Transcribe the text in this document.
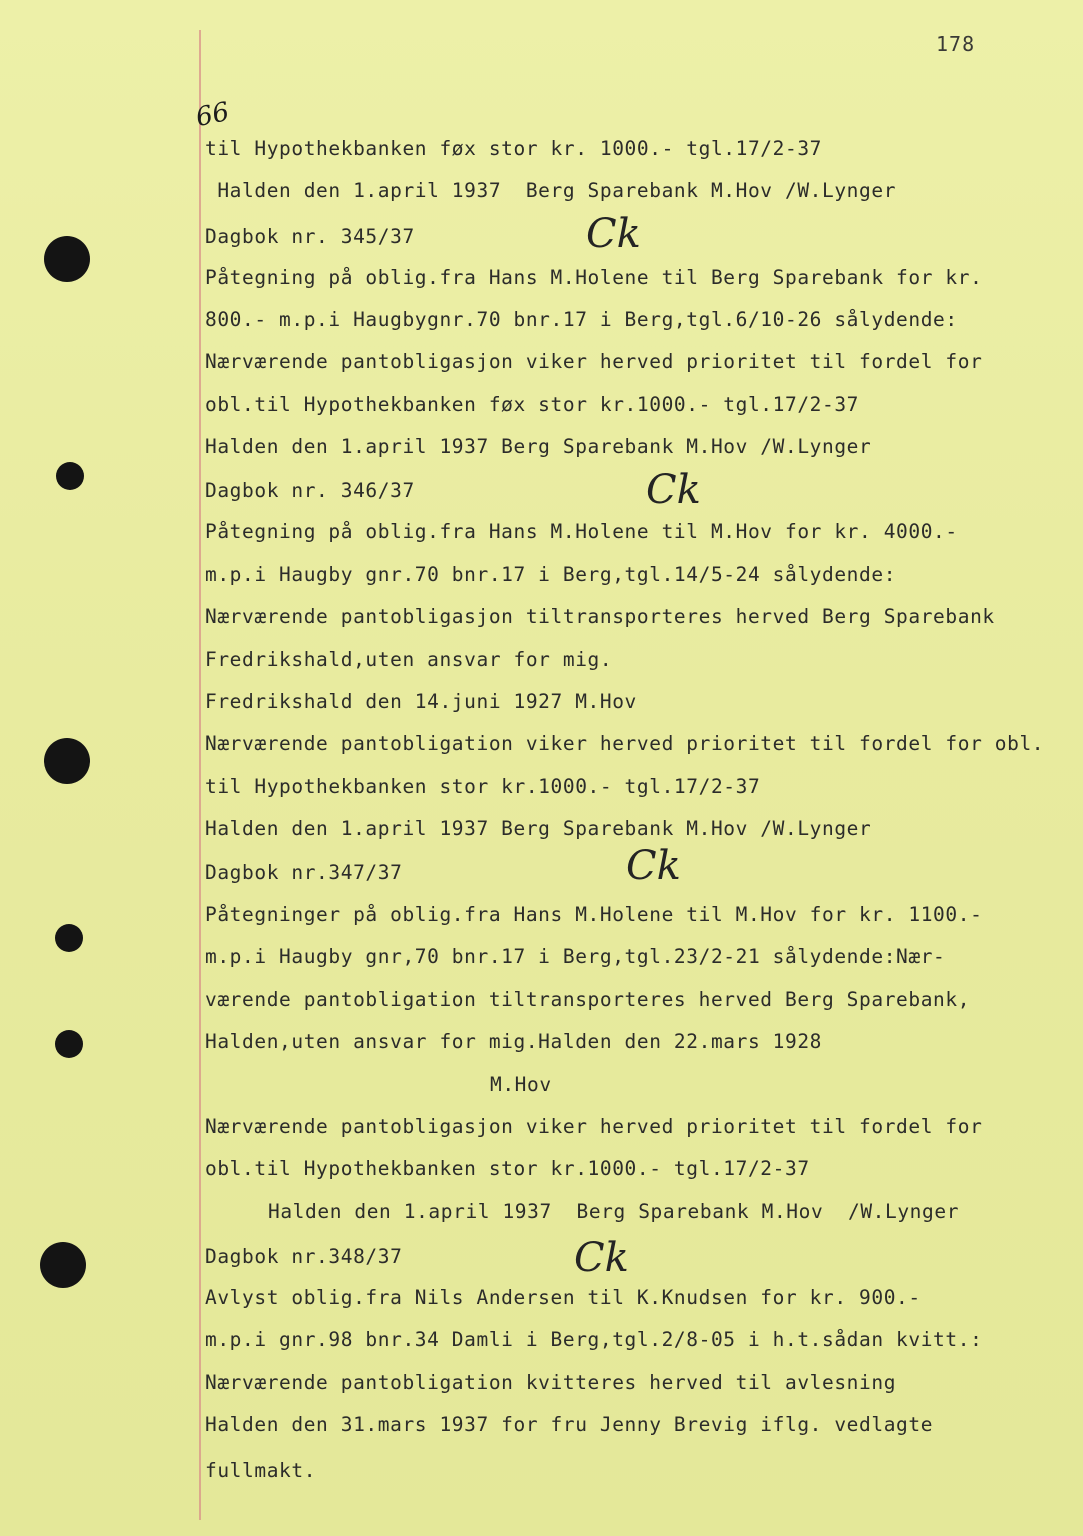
178
66
Ck
Ck
Ck
Ck
til Hypothekbanken føx stor kr. 1000.- tgl.17/2-37
Halden den 1.april 1937  Berg Sparebank M.Hov /W.Lynger
Dagbok nr. 345/37
Påtegning på oblig.fra Hans M.Holene til Berg Sparebank for kr.
800.- m.p.i Haugbygnr.70 bnr.17 i Berg,tgl.6/10-26 sålydende:
Nærværende pantobligasjon viker herved prioritet til fordel for
obl.til Hypothekbanken føx stor kr.1000.- tgl.17/2-37
Halden den 1.april 1937 Berg Sparebank M.Hov /W.Lynger
Dagbok nr. 346/37
Påtegning på oblig.fra Hans M.Holene til M.Hov for kr. 4000.-
m.p.i Haugby gnr.70 bnr.17 i Berg,tgl.14/5-24 sålydende:
Nærværende pantobligasjon tiltransporteres herved Berg Sparebank
Fredrikshald,uten ansvar for mig.
Fredrikshald den 14.juni 1927 M.Hov
Nærværende pantobligation viker herved prioritet til fordel for obl.
til Hypothekbanken stor kr.1000.- tgl.17/2-37
Halden den 1.april 1937 Berg Sparebank M.Hov /W.Lynger
Dagbok nr.347/37
Påtegninger på oblig.fra Hans M.Holene til M.Hov for kr. 1100.-
m.p.i Haugby gnr,70 bnr.17 i Berg,tgl.23/2-21 sålydende:Nær-
værende pantobligation tiltransporteres herved Berg Sparebank,
Halden,uten ansvar for mig.Halden den 22.mars 1928
M.Hov
Nærværende pantobligasjon viker herved prioritet til fordel for
obl.til Hypothekbanken stor kr.1000.- tgl.17/2-37
Halden den 1.april 1937  Berg Sparebank M.Hov  /W.Lynger
Dagbok nr.348/37
Avlyst oblig.fra Nils Andersen til K.Knudsen for kr. 900.-
m.p.i gnr.98 bnr.34 Damli i Berg,tgl.2/8-05 i h.t.sådan kvitt.:
Nærværende pantobligation kvitteres herved til avlesning
Halden den 31.mars 1937 for fru Jenny Brevig iflg. vedlagte
fullmakt.
